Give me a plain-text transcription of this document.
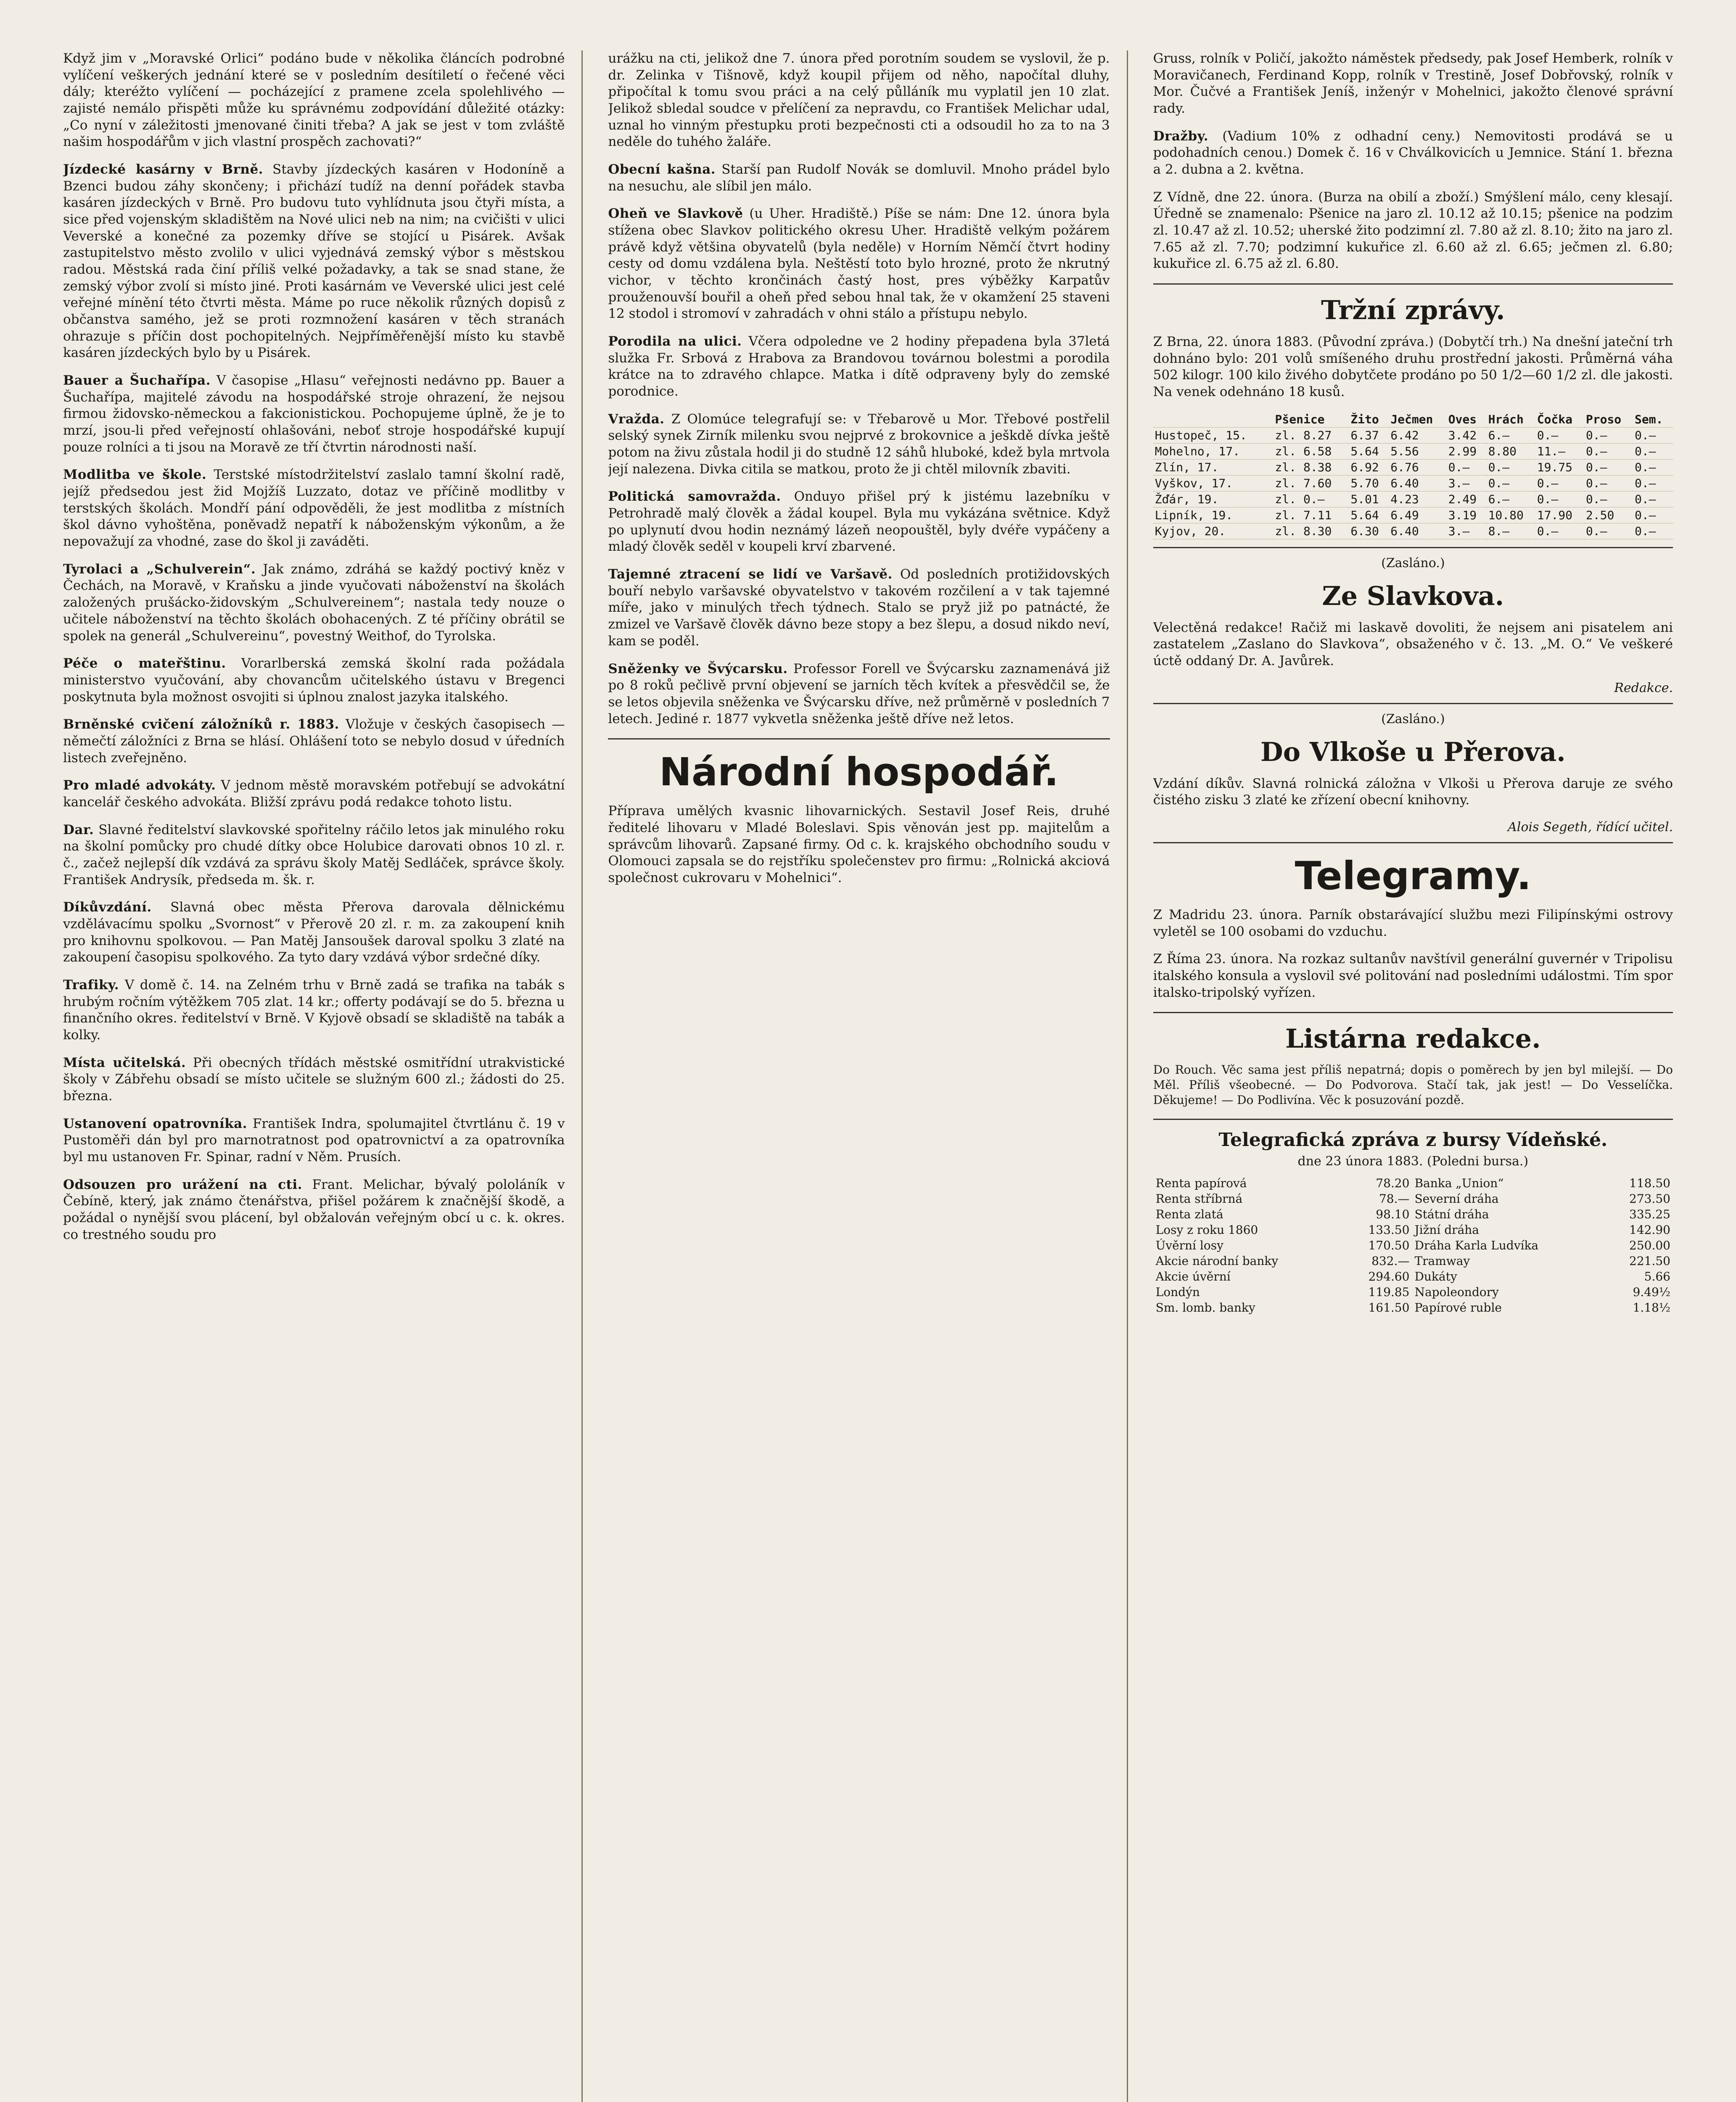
Když jim v „Moravské Orlici“ podáno bude v několika článcích podrobné vylíčení veškerých jednání které se v posledním desítiletí o řečené věci dály; kteréžto vylíčení — pocházející z pramene zcela spolehlivého — zajisté nemálo přispěti může ku správnému zodpovídání důležité otázky: „Co nyní v záležitosti jmenované činiti třeba? A jak se jest v tom zvláště našim hospodářům v jich vlastní prospěch zachovati?“
Jízdecké kasárny v Brně. Stavby jízdeckých kasáren v Hodoníně a Bzenci budou záhy skončeny; i přichází tudíž na denní pořádek stavba kasáren jízdeckých v Brně. Pro budovu tuto vyhlídnuta jsou čtyři místa, a sice před vojenským skladištěm na Nové ulici neb na nim; na cvičišti v ulici Veverské a konečné za pozemky dříve se stojící u Pisárek. Avšak zastupitelstvo město zvolilo v ulici vyjednává zemský výbor s městskou radou. Městská rada činí příliš velké požadavky, a tak se snad stane, že zemský výbor zvolí si místo jiné. Proti kasárnám ve Veverské ulici jest celé veřejné mínění této čtvrti města. Máme po ruce několik různých dopisů z občanstva samého, jež se proti rozmnožení kasáren v těch stranách ohrazuje s příčin dost pochopitelných. Nejpříměřenější místo ku stavbě kasáren jízdeckých bylo by u Pisárek.
Bauer a Šuchařípa. V časopise „Hlasu“ veřejnosti nedávno pp. Bauer a Šuchařípa, majitelé závodu na hospodářské stroje ohrazení, že nejsou firmou židovsko-německou a fakcionistickou. Pochopujeme úplně, že je to mrzí, jsou-li před veřejností ohlašováni, neboť stroje hospodářské kupují pouze rolníci a ti jsou na Moravě ze tří čtvrtin národnosti naší.
Modlitba ve škole. Terstské místodržitelství zaslalo tamní školní radě, jejíž předsedou jest žid Mojžíš Luzzato, dotaz ve příčině modlitby v terstských školách. Mondří pání odpověděli, že jest modlitba z místních škol dávno vyhoštěna, poněvadž nepatří k náboženským výkonům, a že nepovažují za vhodné, zase do škol ji zaváděti.
Tyrolaci a „Schulverein“. Jak známo, zdráhá se každý poctivý kněz v Čechách, na Moravě, v Kraňsku a jinde vyučovati náboženství na školách založených prušácko-židovským „Schulvereinem“; nastala tedy nouze o učitele náboženství na těchto školách obohacených. Z té příčiny obrátil se spolek na generál „Schulvereinu“, povestný Weithof, do Tyrolska.
Péče o mateřštinu. Vorarlberská zemská školní rada požádala ministerstvo vyučování, aby chovancům učitelského ústavu v Bregenci poskytnuta byla možnost osvojiti si úplnou znalost jazyka italského.
Brněnské cvičení záložníků r. 1883. Vložuje v českých časopisech — němečtí záložníci z Brna se hlásí. Ohlášení toto se nebylo dosud v úředních listech zveřejněno.
Pro mladé advokáty. V jednom městě moravském potřebují se advokátní kancelář českého advokáta. Bližší zprávu podá redakce tohoto listu.
Dar. Slavné ředitelství slavkovské spořitelny ráčilo letos jak minulého roku na školní pomůcky pro chudé dítky obce Holubice darovati obnos 10 zl. r. č., začež nejlepší dík vzdává za správu školy Matěj Sedláček, správce školy. František Andrysík, předseda m. šk. r.
Díkůvzdání. Slavná obec města Přerova darovala dělnickému vzdělávacímu spolku „Svornost“ v Přerově 20 zl. r. m. za zakoupení knih pro knihovnu spolkovou. — Pan Matěj Jansoušek daroval spolku 3 zlaté na zakoupení časopisu spolkového. Za tyto dary vzdává výbor srdečné díky.
Trafiky. V domě č. 14. na Zelném trhu v Brně zadá se trafika na tabák s hrubým ročním výtěžkem 705 zlat. 14 kr.; offerty podávají se do 5. března u finančního okres. ředitelství v Brně. V Kyjově obsadí se skladiště na tabák a kolky.
Místa učitelská. Při obecných třídách městské osmitřídní utrakvistické školy v Zábřehu obsadí se místo učitele se služným 600 zl.; žádosti do 25. března.
Ustanovení opatrovníka. František Indra, spolumajitel čtvrtlánu č. 19 v Pustoměři dán byl pro marnotratnost pod opatrovnictví a za opatrovníka byl mu ustanoven Fr. Spinar, radní v Něm. Prusích.
Odsouzen pro urážení na cti. Frant. Melichar, bývalý pololáník v Čebíně, který, jak známo čtenářstva, přišel požárem k značnější škodě, a požádal o nynější svou plácení, byl obžalován veřejným obcí u c. k. okres. co trestného soudu pro
urážku na cti, jelikož dne 7. února před porotním soudem se vyslovil, že p. dr. Zelinka v Tišnově, když koupil přijem od něho, napočítal dluhy, připočítal k tomu svou práci a na celý půlláník mu vyplatil jen 10 zlat. Jelikož sbledal soudce v přelíčení za nepravdu, co František Melichar udal, uznal ho vinným přestupku proti bezpečnosti cti a odsoudil ho za to na 3 neděle do tuhého žaláře.
Obecní kašna. Starší pan Rudolf Novák se domluvil. Mnoho prádel bylo na nesuchu, ale slíbil jen málo.
Oheň ve Slavkově (u Uher. Hradiště.) Píše se nám: Dne 12. února byla stížena obec Slavkov politického okresu Uher. Hradiště velkým požárem právě když většina obyvatelů (byla neděle) v Horním Němčí čtvrt hodiny cesty od domu vzdálena byla. Neštěstí toto bylo hrozné, proto že nkrutný vichor, v těchto krončinách častý host, pres výběžky Karpatův prouženouvší bouřil a oheň před sebou hnal tak, že v okamžení 25 staveni 12 stodol i stromoví v zahradách v ohni stálo a přístupu nebylo.
Porodila na ulici. Včera odpoledne ve 2 hodiny přepadena byla 37letá služka Fr. Srbová z Hrabova za Brandovou továrnou bolestmi a porodila krátce na to zdravého chlapce. Matka i dítě odpraveny byly do zemské porodnice.
Vražda. Z Olomúce telegrafují se: v Třebarově u Mor. Třebové postřelil selský synek Zirník milenku svou nejprvé z brokovnice a ješkdě dívka ještě potom na živu zůstala hodil ji do studně 12 sáhů hluboké, kdež byla mrtvola její nalezena. Divka citila se matkou, proto že ji chtěl milovník zbaviti.
Politická samovražda. Onduyo přišel prý k jistému lazebníku v Petrohradě malý člověk a žádal koupel. Byla mu vykázána světnice. Když po uplynutí dvou hodin neznámý lázeň neopouštěl, byly dvéře vypáčeny a mladý člověk seděl v koupeli krví zbarvené.
Tajemné ztracení se lidí ve Varšavě. Od posledních protižidovských bouří nebylo varšavské obyvatelstvo v takovém rozčilení a v tak tajemné míře, jako v minulých třech týdnech. Stalo se pryž již po patnácté, že zmizel ve Varšavě člověk dávno beze stopy a bez šlepu, a dosud nikdo neví, kam se poděl.
Sněženky ve Švýcarsku. Professor Forell ve Švýcarsku zaznamenává již po 8 roků pečlivě první objevení se jarních těch kvítek a přesvědčil se, že se letos objevila sněženka ve Švýcarsku dříve, než průměrně v posledních 7 letech. Jediné r. 1877 vykvetla sněženka ještě dříve než letos.
Národní hospodář.
Příprava umělých kvasnic lihovarnických. Sestavil Josef Reis, druhé ředitelé lihovaru v Mladé Boleslavi. Spis věnován jest pp. majitelům a správcům lihovarů. Zapsané firmy. Od c. k. krajského obchodního soudu v Olomouci zapsala se do rejstříku společenstev pro firmu: „Rolnická akciová společnost cukrovaru v Mohelnici“.
Gruss, rolník v Poličí, jakožto náměstek předsedy, pak Josef Hemberk, rolník v Moravičanech, Ferdinand Kopp, rolník v Trestině, Josef Dobřovský, rolník v Mor. Čučvé a František Jeníš, inženýr v Mohelnici, jakožto členové správní rady.
Dražby. (Vadium 10% z odhadní ceny.) Nemovitosti prodává se u podohadních cenou.) Domek č. 16 v Chválkovicích u Jemnice. Stání 1. března a 2. dubna a 2. května.
Z Vídně, dne 22. února. (Burza na obilí a zboží.) Smýšlení málo, ceny klesají. Úředně se znamenalo: Pšenice na jaro zl. 10.12 až 10.15; pšenice na podzim zl. 10.47 až zl. 10.52; uherské žito podzimní zl. 7.80 až zl. 8.10; žito na jaro zl. 7.65 až zl. 7.70; podzimní kukuřice zl. 6.60 až zl. 6.65; ječmen zl. 6.80; kukuřice zl. 6.75 až zl. 6.80.
Tržní zprávy.
Z Brna, 22. února 1883. (Původní zpráva.) (Dobytčí trh.) Na dnešní jateční trh dohnáno bylo: 201 volů smíšeného druhu prostřední jakosti. Průměrná váha 502 kilogr. 100 kilo živého dobytčete prodáno po 50 1/2—60 1/2 zl. dle jakosti. Na venek odehnáno 18 kusů.
	Pšenice	Žito	Ječmen	Oves	Hrách	Čočka	Proso	Sem.
Hustopeč, 15.	zl. 8.27	6.37	6.42	3.42	6.—	0.—	0.—	0.—
Mohelno, 17.	zl. 6.58	5.64	5.56	2.99	8.80	11.—	0.—	0.—
Zlín, 17.	zl. 8.38	6.92	6.76	0.—	0.—	19.75	0.—	0.—
Vyškov, 17.	zl. 7.60	5.70	6.40	3.—	0.—	0.—	0.—	0.—
Žďár, 19.	zl. 0.—	5.01	4.23	2.49	6.—	0.—	0.—	0.—
Lipník, 19.	zl. 7.11	5.64	6.49	3.19	10.80	17.90	2.50	0.—
Kyjov, 20.	zl. 8.30	6.30	6.40	3.—	8.—	0.—	0.—	0.—
(Zasláno.)
Ze Slavkova.
Velectěná redakce! Račiž mi laskavě dovoliti, že nejsem ani pisatelem ani zastatelem „Zaslano do Slavkova“, obsaženého v č. 13. „M. O.“ Ve veškeré úctě oddaný Dr. A. Javůrek.
Redakce.
(Zasláno.)
Do Vlkoše u Přerova.
Vzdání díkův. Slavná rolnická záložna v Vlkoši u Přerova daruje ze svého čistého zisku 3 zlaté ke zřízení obecní knihovny.
Alois Segeth, řídící učitel.
Telegramy.
Z Madridu 23. února. Parník obstarávající službu mezi Filipínskými ostrovy vyletěl se 100 osobami do vzduchu.
Z Říma 23. února. Na rozkaz sultanův navštívil generální guvernér v Tripolisu italského konsula a vyslovil své politování nad posledními událostmi. Tím spor italsko-tripolský vyřízen.
Listárna redakce.
Do Rouch. Věc sama jest příliš nepatrná; dopis o poměrech by jen byl milejší. — Do Měl. Příliš všeobecné. — Do Podvorova. Stačí tak, jak jest! — Do Vesselíčka. Děkujeme! — Do Podlivína. Věc k posuzování pozdě.
Telegrafická zpráva z bursy Vídeňské.
dne 23 února 1883. (Poledni bursa.)
Renta papírová	78.20	Banka „Union“	118.50
Renta stříbrná	78.—	Severní dráha	273.50
Renta zlatá	98.10	Státní dráha	335.25
Losy z roku 1860	133.50	Jižní dráha	142.90
Úvěrní losy	170.50	Dráha Karla Ludvíka	250.00
Akcie národní banky	832.—	Tramway	221.50
Akcie úvěrní	294.60	Dukáty	5.66
Londýn	119.85	Napoleondory	9.49½
Sm. lomb. banky	161.50	Papírové ruble	1.18½
